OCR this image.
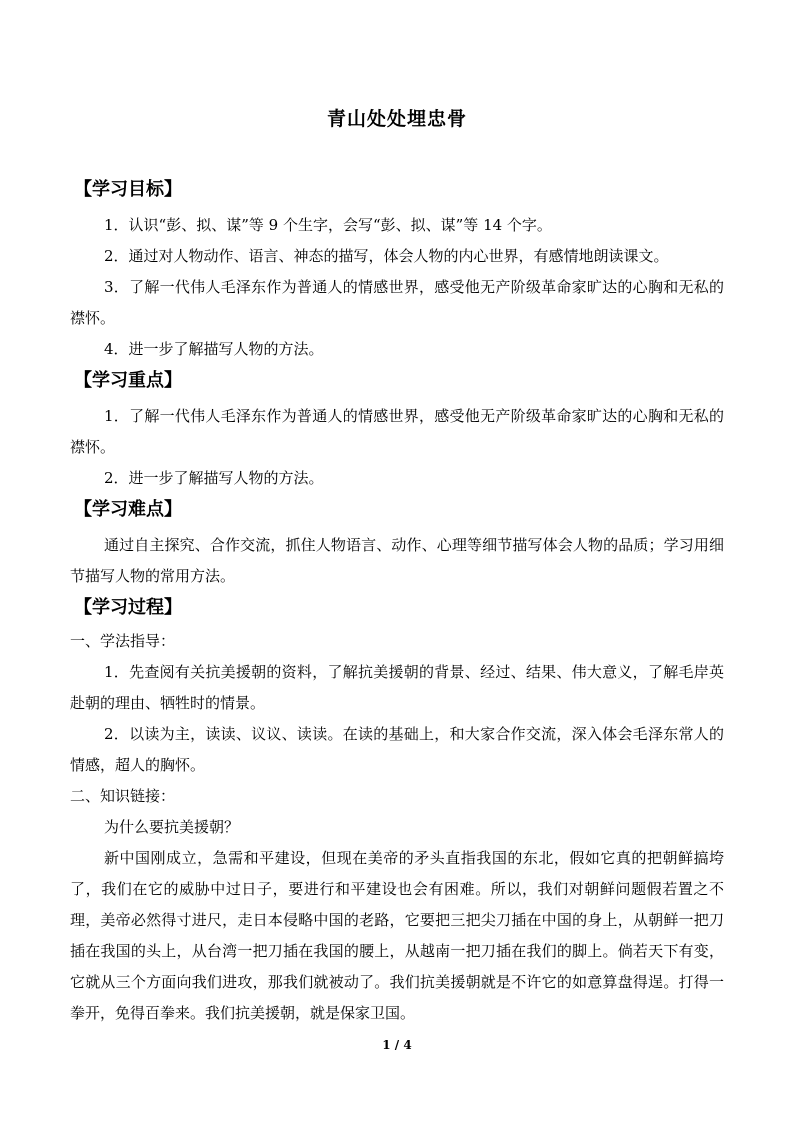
青山处处埋忠骨
【学习目标】

1．认识“彭、拟、谋”等 9 个生字，会写“彭、拟、谋”等 14 个字。

2．通过对人物动作、语言、神态的描写，体会人物的内心世界，有感情地朗读课文。

3．了解一代伟人毛泽东作为普通人的情感世界，感受他无产阶级革命家旷达的心胸和无私的襟怀。

4．进一步了解描写人物的方法。

【学习重点】

1．了解一代伟人毛泽东作为普通人的情感世界，感受他无产阶级革命家旷达的心胸和无私的襟怀。

2．进一步了解描写人物的方法。

【学习难点】

通过自主探究、合作交流，抓住人物语言、动作、心理等细节描写体会人物的品质；学习用细节描写人物的常用方法。

【学习过程】

一、学法指导：

1．先查阅有关抗美援朝的资料，了解抗美援朝的背景、经过、结果、伟大意义，了解毛岸英赴朝的理由、牺牲时的情景。

2．以读为主，读读、议议、读读。在读的基础上，和大家合作交流，深入体会毛泽东常人的情感，超人的胸怀。

二、知识链接：

为什么要抗美援朝？

新中国刚成立，急需和平建设，但现在美帝的矛头直指我国的东北，假如它真的把朝鲜搞垮了，我们在它的威胁中过日子，要进行和平建设也会有困难。所以，我们对朝鲜问题假若置之不理，美帝必然得寸进尺，走日本侵略中国的老路，它要把三把尖刀插在中国的身上，从朝鲜一把刀插在我国的头上，从台湾一把刀插在我国的腰上，从越南一把刀插在我们的脚上。倘若天下有变，它就从三个方面向我们进攻，那我们就被动了。我们抗美援朝就是不许它的如意算盘得逞。打得一拳开，免得百拳来。我们抗美援朝，就是保家卫国。

1 / 4
